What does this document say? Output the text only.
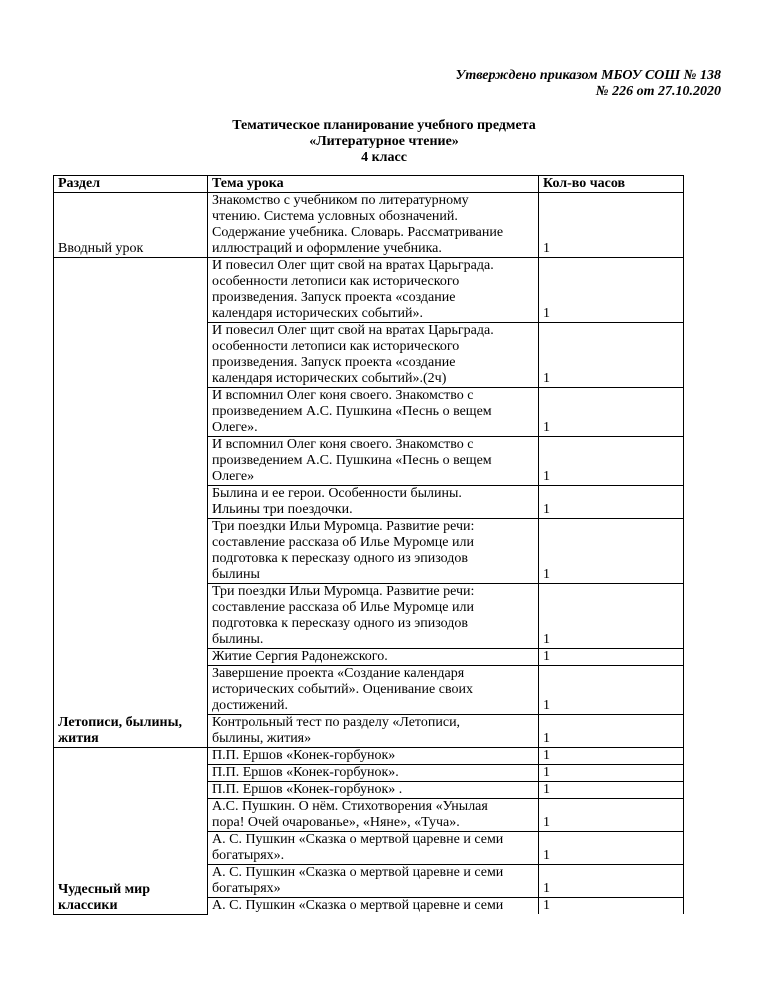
Утверждено приказом МБОУ СОШ № 138
№ 226 от 27.10.2020
Тематическое планирование учебного предмета
«Литературное чтение»
4 класс
Раздел	Тема урока	Кол-во часов
Вводный урок	Знакомство с учебником по литературному
чтению. Система условных обозначений.
Содержание учебника. Словарь. Рассматривание
иллюстраций и оформление учебника.	1
Летописи, былины,
жития	И повесил Олег щит свой на вратах Царьграда.
особенности летописи как исторического
произведения. Запуск проекта «создание
календаря исторических событий».	1
	И повесил Олег щит свой на вратах Царьграда.
особенности летописи как исторического
произведения. Запуск проекта «создание
календаря исторических событий».(2ч)	1
	И вспомнил Олег коня своего. Знакомство с
произведением А.С. Пушкина «Песнь о вещем
Олеге».	1
	И вспомнил Олег коня своего. Знакомство с
произведением А.С. Пушкина «Песнь о вещем
Олеге»	1
	Былина и ее герои. Особенности былины.
Ильины три поездочки.	1
	Три поездки Ильи Муромца. Развитие речи:
составление рассказа об Илье Муромце или
подготовка к пересказу одного из эпизодов
былины	1
	Три поездки Ильи Муромца. Развитие речи:
составление рассказа об Илье Муромце или
подготовка к пересказу одного из эпизодов
былины.	1
	Житие Сергия Радонежского.	1
	Завершение проекта «Создание календаря
исторических событий». Оценивание своих
достижений.	1
	Контрольный тест по разделу «Летописи,
былины, жития»	1
Чудесный мир
классики	П.П. Ершов «Конек-горбунок»	1
	П.П. Ершов «Конек-горбунок».	1
	П.П. Ершов «Конек-горбунок» .	1
	А.С. Пушкин. О нём. Стихотворения «Унылая
пора! Очей очарованье», «Няне», «Туча».	1
	А. С. Пушкин «Сказка о мертвой царевне и семи
богатырях».	1
	А. С. Пушкин «Сказка о мертвой царевне и семи
богатырях»	1
	А. С. Пушкин «Сказка о мертвой царевне и семи	1
